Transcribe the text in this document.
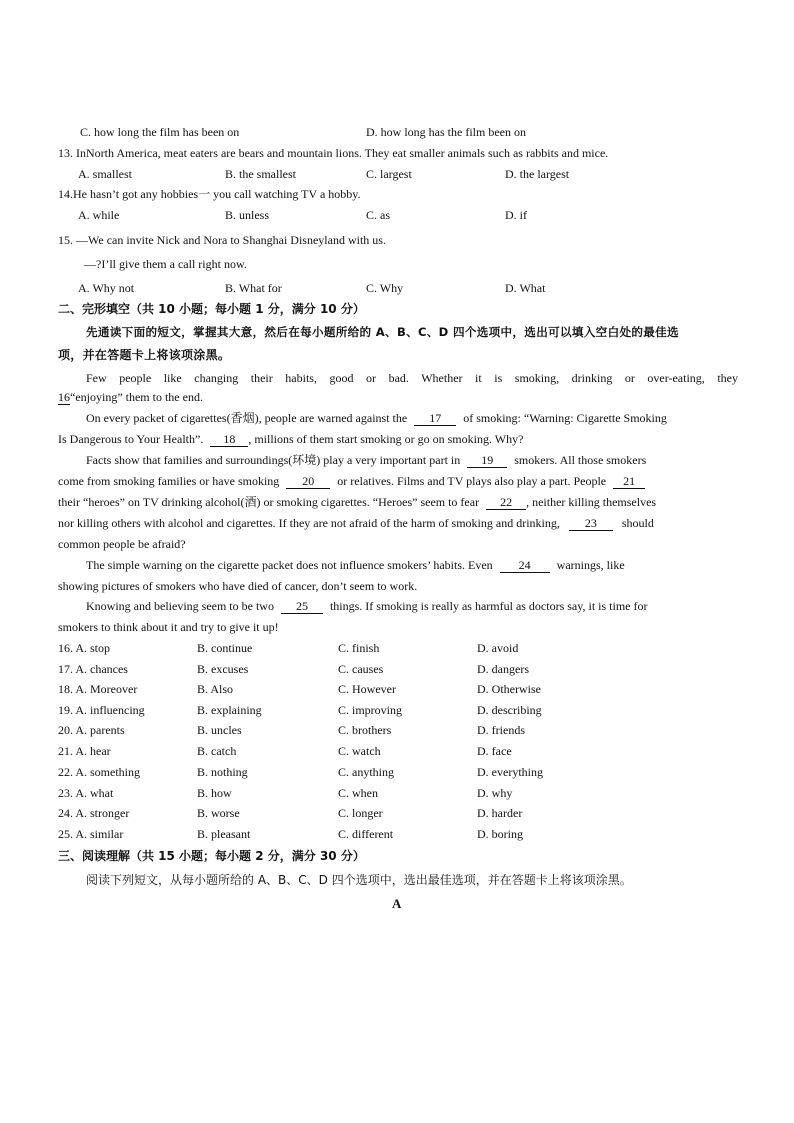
C. how long the film has been on	D. how long has the film been on
13. InNorth America, meat eaters are bears and mountain lions. They eat smaller animals such as rabbits and mice.
A. smallest	B. the smallest	C. largest	D. the largest
14.He hasn’t got any hobbies一 you call watching TV a hobby.
A. while	B. unless	C. as	D. if
15. —We can invite Nick and Nora to Shanghai Disneyland with us.
—?I’ll give them a call right now.
A. Why not	B. What for	C. Why	D. What
二、完形填空（共 10 小题；每小题 1 分，满分 10 分）
先通读下面的短文，掌握其大意，然后在每小题所给的 A、B、C、D 四个选项中，选出可以填入空白处的最佳选
项，并在答题卡上将该项涂黑。
Few people like changing their habits, good or bad. Whether it is smoking, drinking or over-eating, they
16“enjoying” them to the end.
On every packet of cigarettes(香烟), people are warned against the 17 of smoking: “Warning: Cigarette Smoking
Is Dangerous to Your Health”. 18 , millions of them start smoking or go on smoking. Why?
Facts show that families and surroundings(环境) play a very important part in 19 smokers. All those smokers
come from smoking families or have smoking 20 or relatives. Films and TV plays also play a part. People 21
their “heroes” on TV drinking alcohol(酒) or smoking cigarettes. “Heroes” seem to fear 22 , neither killing themselves
nor killing others with alcohol and cigarettes. If they are not afraid of the harm of smoking and drinking, 23 should
common people be afraid?
The simple warning on the cigarette packet does not influence smokers’ habits. Even 24 warnings, like
showing pictures of smokers who have died of cancer, don’t seem to work.
Knowing and believing seem to be two 25 things. If smoking is really as harmful as doctors say, it is time for
smokers to think about it and try to give it up!
16. A. stop	B. continue	C. finish	D. avoid
17. A. chances	B. excuses	C. causes	D. dangers
18. A. Moreover	B. Also	C. However	D. Otherwise
19. A. influencing	B. explaining	C. improving	D. describing
20. A. parents	B. uncles	C. brothers	D. friends
21. A. hear	B. catch	C. watch	D. face
22. A. something	B. nothing	C. anything	D. everything
23. A. what	B. how	C. when	D. why
24. A. stronger	B. worse	C. longer	D. harder
25. A. similar	B. pleasant	C. different	D. boring
三、阅读理解（共 15 小题；每小题 2 分，满分 30 分）
阅读下列短文，从每小题所给的 A、B、C、D 四个选项中，选出最佳选项，并在答题卡上将该项涂黑。
A
